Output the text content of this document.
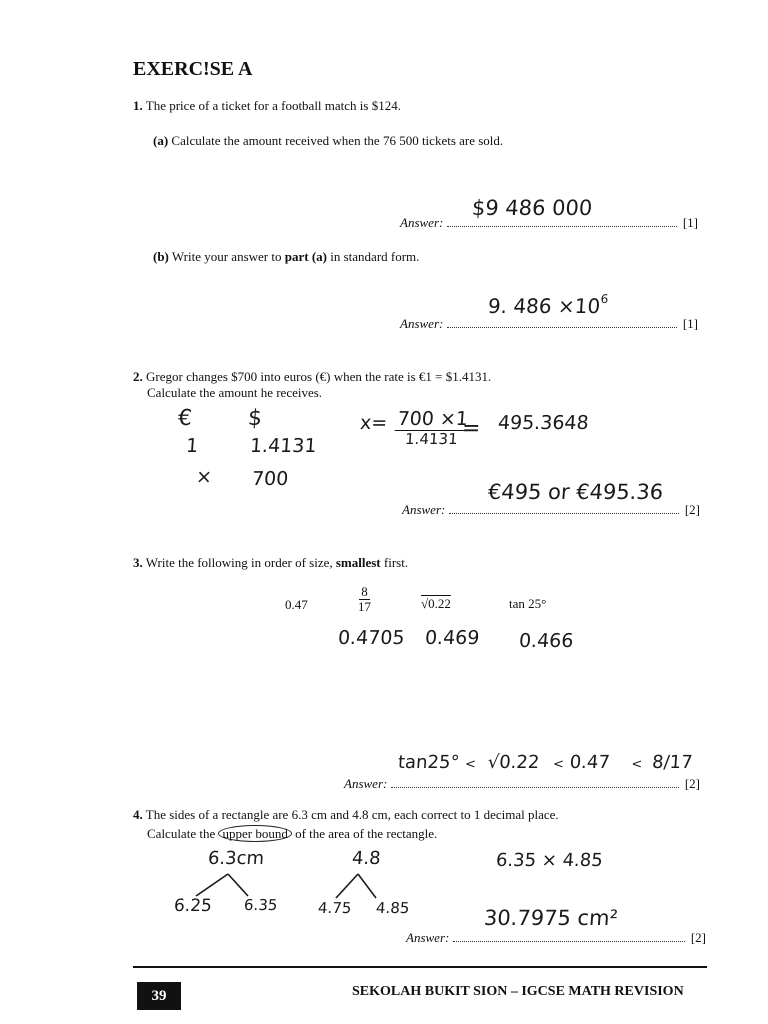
EXERC!SE A
1. The price of a ticket for a football match is $124.
(a) Calculate the amount received when the 76 500 tickets are sold.
Answer:	[1]
$9 486 000
(b) Write your answer to part (a) in standard form.
Answer:	[1]
9. $486 \times 10^6$
2. Gregor changes $700 into euros (€) when the rate is €1 = $1.4131.
Calculate the amount he receives.
€ $
1	1.4131
× 700
$x= \frac{700 \times 1}{1.4131}$
= 495.3648
Answer:	[2]
€495 or €495.36
3. Write the following in order of size, smallest first.
0.47	$\frac{8}{17}$	√0.22	tan 25°
0.4705 0.469 0.466
Answer:	[2]
tan25° < √0.22 < 0.47 < 8/17
4. The sides of a rectangle are 6.3 cm and 4.8 cm, each correct to 1 decimal place.
Calculate the upper bound of the area of the rectangle.
6.3cm	4.8	6.35 × 4.85
6.25 6.35	4.75 4.85
Answer:	[2]
30.7975 cm²
39	SEKOLAH BUKIT SION – IGCSE MATH REVISION
